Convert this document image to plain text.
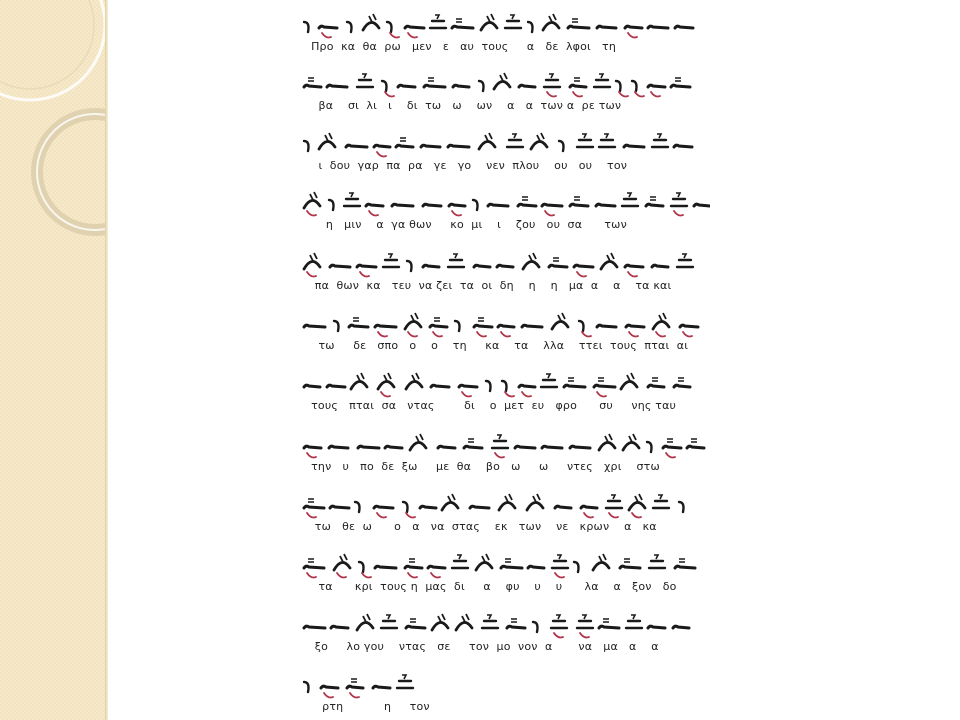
Προ  κα  θα  ρω   μεν   ε   αυ  τους     α   δε  λφοι   τη
βα    σι  λι   ι    δι  τω   ω    ων    α   α  των α  ρε των
ι  δου  γαρ  πα  ρα   γε   γο    νεν  πλου    ου   ου    τον
η   μιν    α  γα θων     κο  μι    ι    ζου   ου  σα      των
πα  θων  κα   τευ  να ζει  τα  οι  δη    η    η   μα  α    α    τα και
τω     δε   σπο   ο    ο    τη     κα    τα    λλα    ττει  τους  πται  αι
τους   πται  σα   ντας        δι    ο  μετ  ευ   φρο      συ     νης ταυ
την   υ   πο  δε  ξω     με  θα    βο   ω     ω     ντες   χρι    στω
τω   θε  ω      ο   α   να  στας    εκ   των    νε   κρων    α   κα
τα      κρι  τους η  μας  δι     α    φυ    υ    υ      λα    α   ξον   δο
ξο     λο γου    ντας   σε     τον  μο  νον  α       να   μα   α    α
ρτη           η     τον
